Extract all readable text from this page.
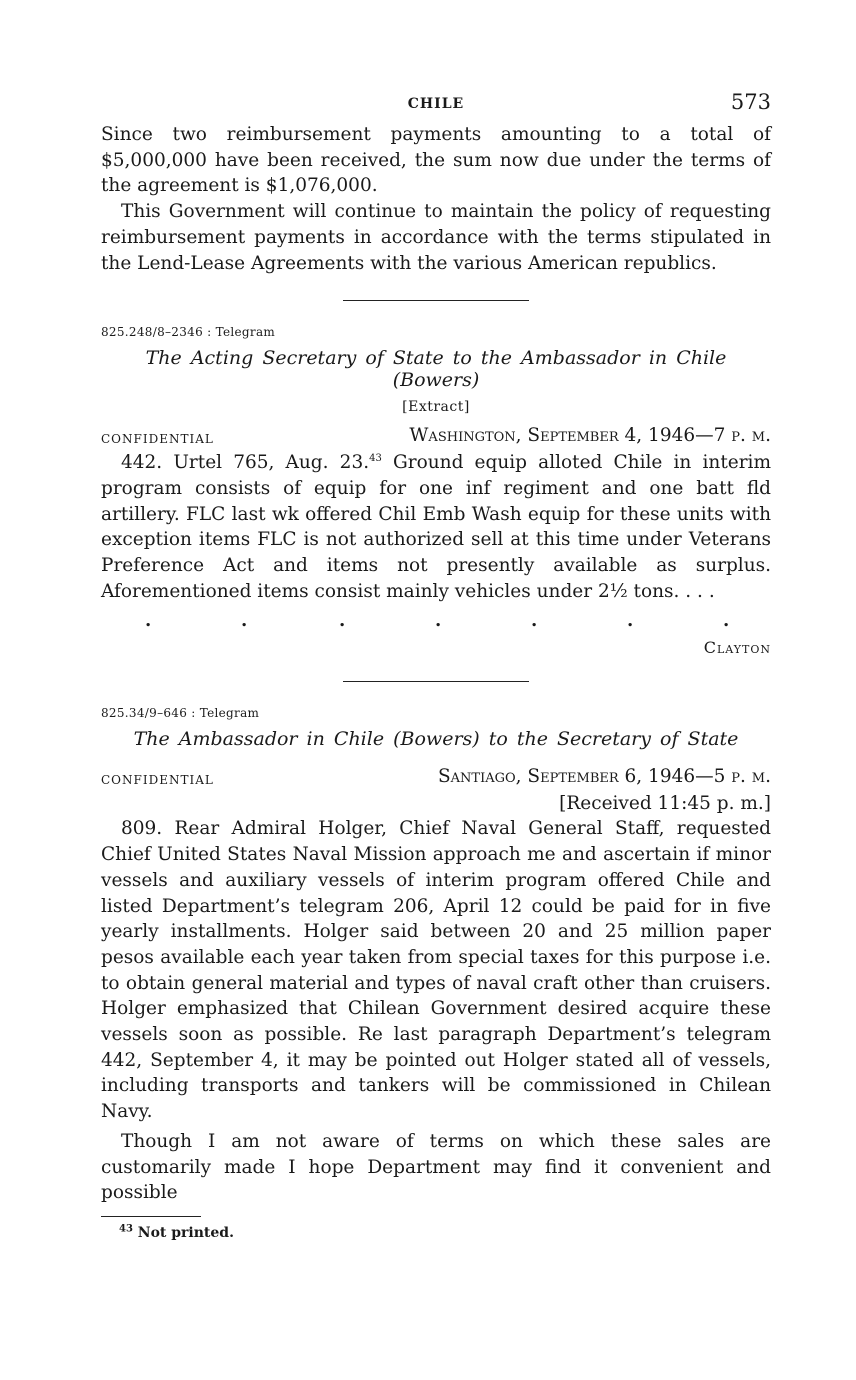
CHILE	573

Since two reimbursement payments amounting to a total of $5,000,000 have been received, the sum now due under the terms of the agreement is $1,076,000.

This Government will continue to maintain the policy of requesting reimbursement payments in accordance with the terms stipulated in the Lend-Lease Agreements with the various American republics.

825.248/8–2346 : Telegram
The Acting Secretary of State to the Ambassador in Chile (Bowers)
[Extract]
CONFIDENTIAL	Washington, September 4, 1946—7 p. m.

442. Urtel 765, Aug. 23.43 Ground equip alloted Chile in interim program consists of equip for one inf regiment and one batt fld artillery. FLC last wk offered Chil Emb Wash equip for these units with exception items FLC is not authorized sell at this time under Veterans Preference Act and items not presently available as surplus. Aforementioned items consist mainly vehicles under 2½ tons. . . .

.	.	.	.	.	.	.
Clayton
825.34/9–646 : Telegram
The Ambassador in Chile (Bowers) to the Secretary of State
CONFIDENTIAL	Santiago, September 6, 1946—5 p. m.
[Received 11:45 p. m.]

809. Rear Admiral Holger, Chief Naval General Staff, requested Chief United States Naval Mission approach me and ascertain if minor vessels and auxiliary vessels of interim program offered Chile and listed Department’s telegram 206, April 12 could be paid for in five yearly installments. Holger said between 20 and 25 million paper pesos available each year taken from special taxes for this purpose i.e. to obtain general material and types of naval craft other than cruisers. Holger emphasized that Chilean Government desired acquire these vessels soon as possible. Re last paragraph Department’s telegram 442, September 4, it may be pointed out Holger stated all of vessels, including transports and tankers will be commissioned in Chilean Navy.

Though I am not aware of terms on which these sales are customarily made I hope Department may find it convenient and possible

$^{43}$ Not printed.
